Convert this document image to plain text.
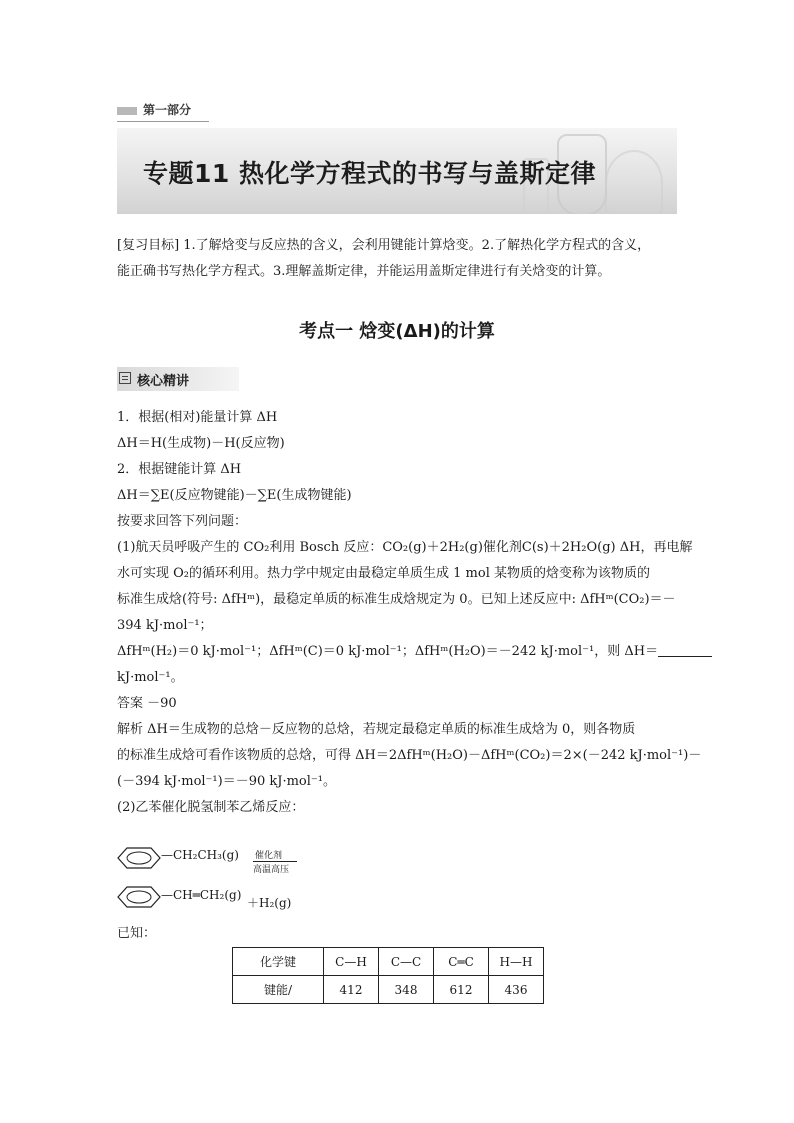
第一部分
专题11 热化学方程式的书写与盖斯定律
[复习目标] 1.了解焓变与反应热的含义，会利用键能计算焓变。2.了解热化学方程式的含义，
能正确书写热化学方程式。3.理解盖斯定律，并能运用盖斯定律进行有关焓变的计算。
考点一 焓变(ΔH)的计算
核心精讲
1．根据(相对)能量计算 ΔH
ΔH＝H(生成物)－H(反应物)
2．根据键能计算 ΔH
ΔH＝∑E(反应物键能)－∑E(生成物键能)
按要求回答下列问题：
(1)航天员呼吸产生的 CO₂利用 Bosch 反应：CO₂(g)＋2H₂(g)催化剂C(s)＋2H₂O(g) ΔH，再电解
水可实现 O₂的循环利用。热力学中规定由最稳定单质生成 1 mol 某物质的焓变称为该物质的
标准生成焓(符号: ΔfHᵐ)，最稳定单质的标准生成焓规定为 0。已知上述反应中: ΔfHᵐ(CO₂)＝－
394 kJ·mol⁻¹；
ΔfHᵐ(H₂)＝0 kJ·mol⁻¹；ΔfHᵐ(C)＝0 kJ·mol⁻¹；ΔfHᵐ(H₂O)＝－242 kJ·mol⁻¹，则 ΔH＝
kJ·mol⁻¹。
答案 －90
解析 ΔH＝生成物的总焓－反应物的总焓，若规定最稳定单质的标准生成焓为 0，则各物质
的标准生成焓可看作该物质的总焓，可得 ΔH＝2ΔfHᵐ(H₂O)－ΔfHᵐ(CO₂)＝2×(－242 kJ·mol⁻¹)－
(－394 kJ·mol⁻¹)＝－90 kJ·mol⁻¹。
(2)乙苯催化脱氢制苯乙烯反应：
—CH₂CH₃(g) 催化剂
高温高压
—CH═CH₂(g)
＋H₂(g)
已知：
化学键	C—H	C—C	C═C	H—H
键能/	412	348	612	436
